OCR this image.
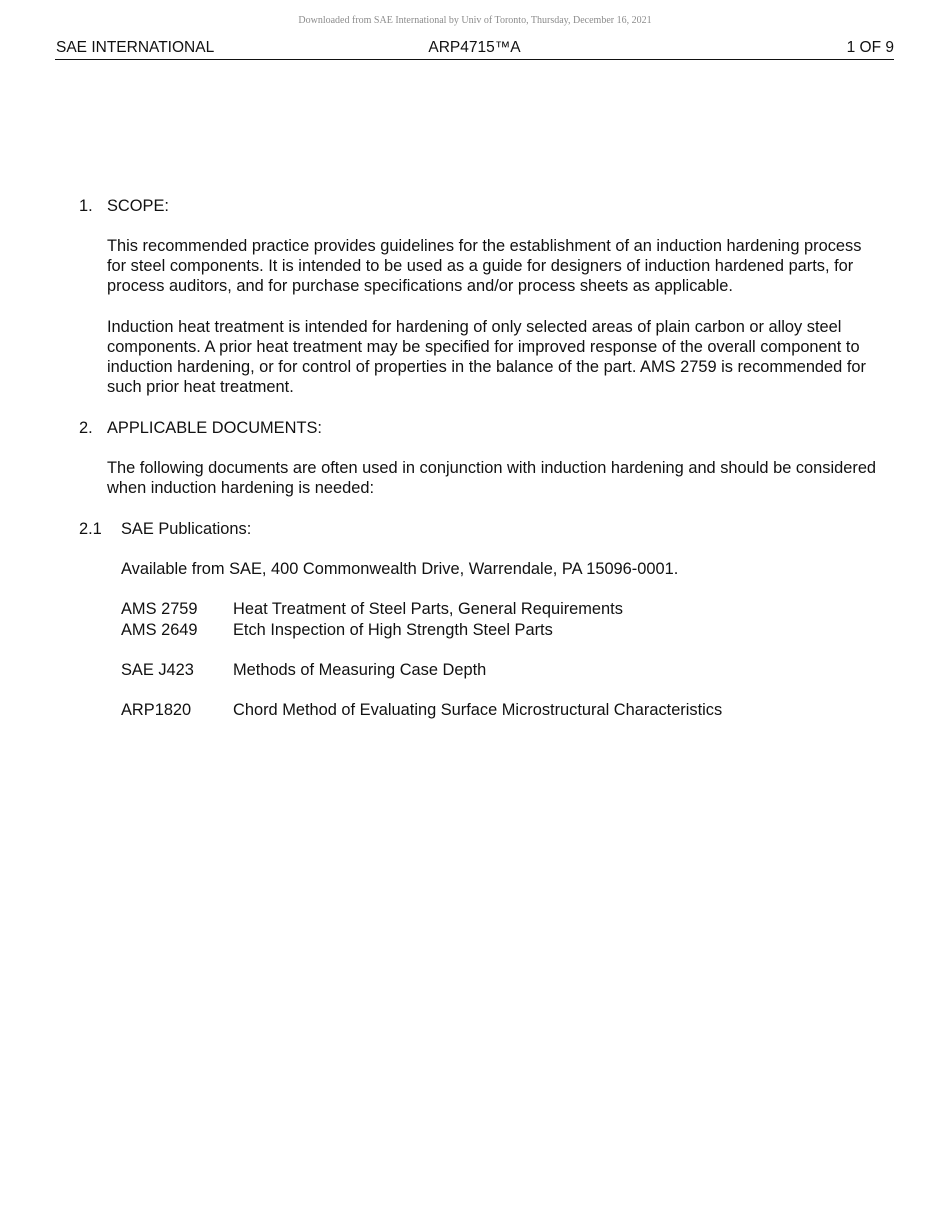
Downloaded from SAE International by Univ of Toronto, Thursday, December 16, 2021
SAE INTERNATIONAL	ARP4715™A	1 OF 9
1. SCOPE:
This recommended practice provides guidelines for the establishment of an induction hardening process for steel components. It is intended to be used as a guide for designers of induction hardened parts, for process auditors, and for purchase specifications and/or process sheets as applicable.
Induction heat treatment is intended for hardening of only selected areas of plain carbon or alloy steel components. A prior heat treatment may be specified for improved response of the overall component to induction hardening, or for control of properties in the balance of the part. AMS 2759 is recommended for such prior heat treatment.
2. APPLICABLE DOCUMENTS:
The following documents are often used in conjunction with induction hardening and should be considered when induction hardening is needed:
2.1 SAE Publications:
Available from SAE, 400 Commonwealth Drive, Warrendale, PA 15096-0001.
AMS 2759 Heat Treatment of Steel Parts, General Requirements
AMS 2649 Etch Inspection of High Strength Steel Parts
SAE J423 Methods of Measuring Case Depth
ARP1820	Chord Method of Evaluating Surface Microstructural Characteristics
